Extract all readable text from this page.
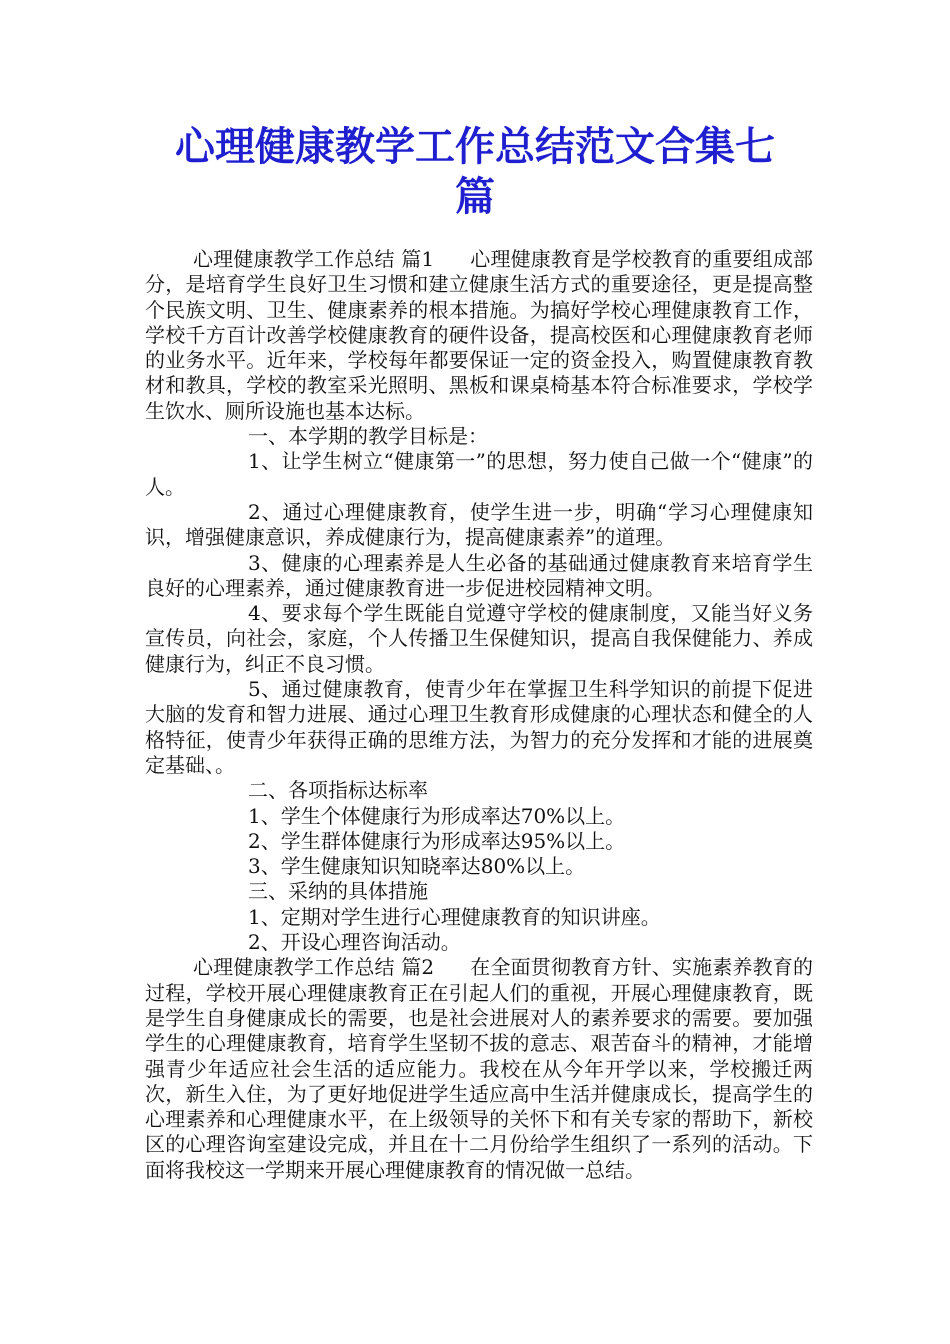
心理健康教学工作总结范文合集七
篇

心理健康教学工作总结 篇1 心理健康教育是学校教育的重要组成部分，是培育学生良好卫生习惯和建立健康生活方式的重要途径，更是提高整个民族文明、卫生、健康素养的根本措施。为搞好学校心理健康教育工作，学校千方百计改善学校健康教育的硬件设备，提高校医和心理健康教育老师的业务水平。近年来，学校每年都要保证一定的资金投入，购置健康教育教材和教具，学校的教室采光照明、黑板和课桌椅基本符合标准要求，学校学生饮水、厕所设施也基本达标。

一、本学期的教学目标是：

1、让学生树立“健康第一”的思想，努力使自己做一个“健康”的人。

2、通过心理健康教育，使学生进一步，明确“学习心理健康知识，增强健康意识，养成健康行为，提高健康素养”的道理。

3、健康的心理素养是人生必备的基础通过健康教育来培育学生良好的心理素养，通过健康教育进一步促进校园精神文明。

4、要求每个学生既能自觉遵守学校的健康制度，又能当好义务宣传员，向社会，家庭，个人传播卫生保健知识，提高自我保健能力、养成健康行为，纠正不良习惯。

5、通过健康教育，使青少年在掌握卫生科学知识的前提下促进大脑的发育和智力进展、通过心理卫生教育形成健康的心理状态和健全的人格特征，使青少年获得正确的思维方法，为智力的充分发挥和才能的进展奠定基础、。

二、各项指标达标率

1、学生个体健康行为形成率达70%以上。

2、学生群体健康行为形成率达95%以上。

3、学生健康知识知晓率达80%以上。

三、采纳的具体措施

1、定期对学生进行心理健康教育的知识讲座。

2、开设心理咨询活动。

心理健康教学工作总结 篇2 在全面贯彻教育方针、实施素养教育的过程，学校开展心理健康教育正在引起人们的重视，开展心理健康教育，既是学生自身健康成长的需要，也是社会进展对人的素养要求的需要。要加强学生的心理健康教育，培育学生坚韧不拔的意志、艰苦奋斗的精神，才能增强青少年适应社会生活的适应能力。我校在从今年开学以来，学校搬迁两次，新生入住，为了更好地促进学生适应高中生活并健康成长，提高学生的心理素养和心理健康水平，在上级领导的关怀下和有关专家的帮助下，新校区的心理咨询室建设完成，并且在十二月份给学生组织了一系列的活动。下面将我校这一学期来开展心理健康教育的情况做一总结。
